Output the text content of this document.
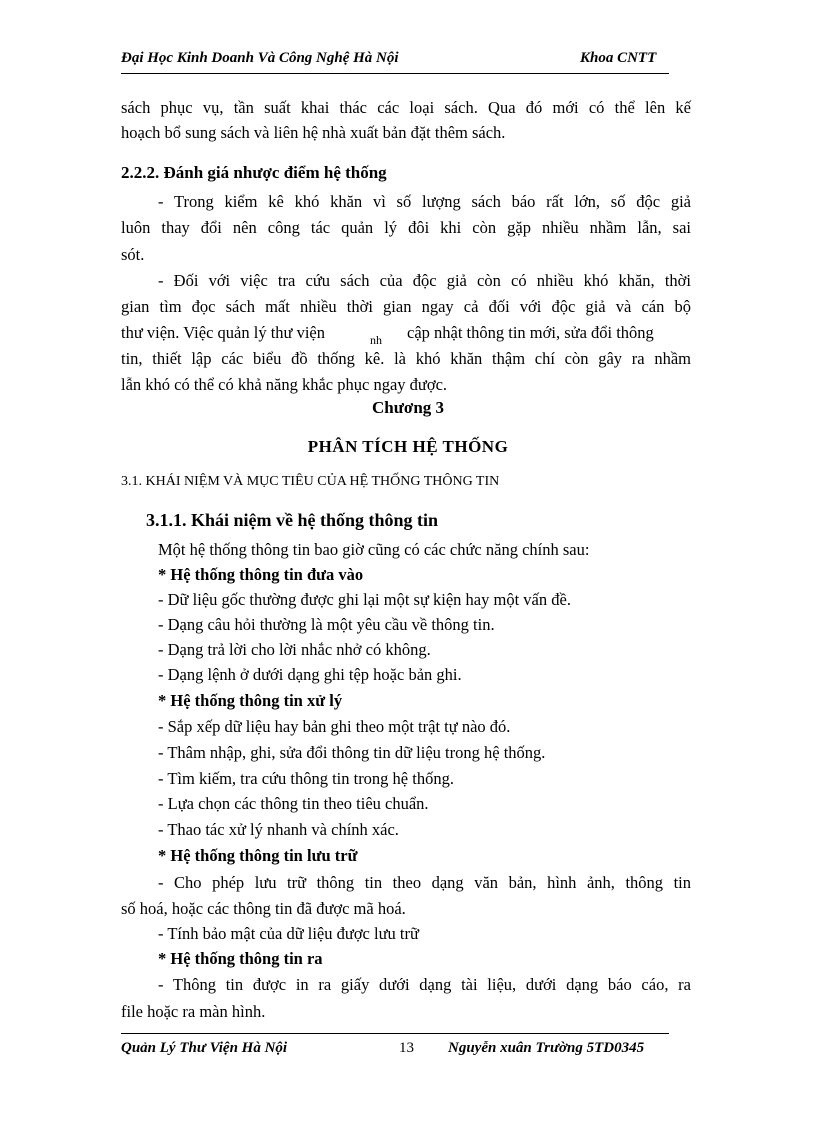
Đại Học Kinh Doanh Và Công Nghệ Hà Nội	Khoa CNTT
sách phục vụ, tần suất khai thác các loại sách. Qua đó mới có thể lên kế
hoạch bổ sung sách và liên hệ nhà xuất bản đặt thêm sách.
2.2.2. Đánh giá nhược điểm hệ thống
- Trong kiểm kê khó khăn vì số lượng sách báo rất lớn, số độc giả
luôn thay đổi nên công tác quản lý đôi khi còn gặp nhiều nhầm lẫn, sai
sót.
- Đối với việc tra cứu sách của độc giả còn có nhiều khó khăn, thời
gian tìm đọc sách mất nhiều thời gian ngay cả đối với độc giả và cán bộ
thư viện. Việc quản lý thư viện	nh cập nhật thông tin mới, sửa đổi thông
tin, thiết lập các biểu đồ thống kê. là khó khăn thậm chí còn gây ra nhầm
lẫn khó có thể có khả năng khắc phục ngay được.
Chương 3
PHÂN TÍCH HỆ THỐNG
3.1. KHÁI NIỆM VÀ MỤC TIÊU CỦA HỆ THỐNG THÔNG TIN
3.1.1. Khái niệm về hệ thống thông tin
Một hệ thống thông tin bao giờ cũng có các chức năng chính sau:
* Hệ thống thông tin đưa vào
- Dữ liệu gốc thường được ghi lại một sự kiện hay một vấn đề.
- Dạng câu hỏi thường là một yêu cầu về thông tin.
- Dạng trả lời cho lời nhắc nhở có không.
- Dạng lệnh ở dưới dạng ghi tệp hoặc bản ghi.
* Hệ thống thông tin xử lý
- Sắp xếp dữ liệu hay bản ghi theo một trật tự nào đó.
- Thâm nhập, ghi, sửa đổi thông tin dữ liệu trong hệ thống.
- Tìm kiếm, tra cứu thông tin trong hệ thống.
- Lựa chọn các thông tin theo tiêu chuẩn.
- Thao tác xử lý nhanh và chính xác.
* Hệ thống thông tin lưu trữ
- Cho phép lưu trữ thông tin theo dạng văn bản, hình ảnh, thông tin
số hoá, hoặc các thông tin đã được mã hoá.
- Tính bảo mật của dữ liệu được lưu trữ
* Hệ thống thông tin ra
- Thông tin được in ra giấy dưới dạng tài liệu, dưới dạng báo cáo, ra
file hoặc ra màn hình.
Quản Lý Thư Viện Hà Nội	13 Nguyễn xuân Trường 5TD0345
